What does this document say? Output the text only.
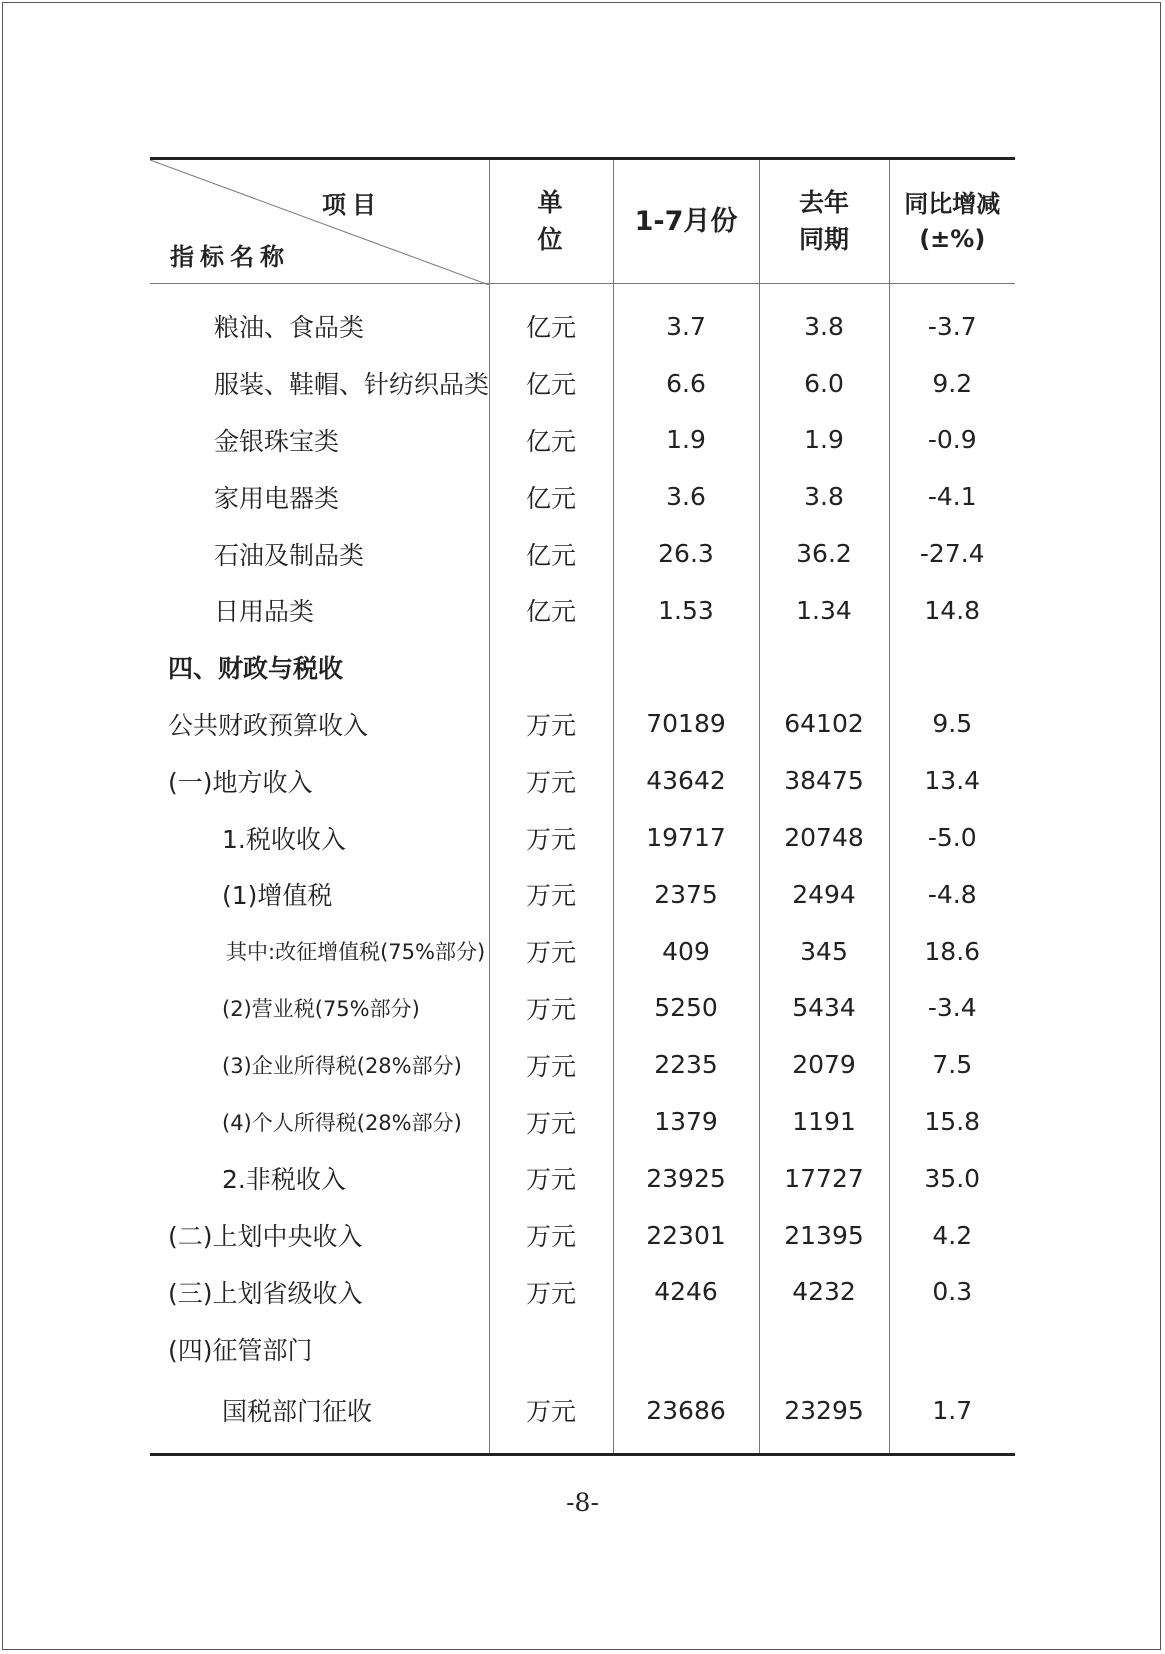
项目
指标名称	单位	1-7月份	去年同期	同比增减(±%)
粮油、食品类	亿元	3.7	3.8	-3.7
服装、鞋帽、针纺织品类	亿元	6.6	6.0	9.2
金银珠宝类	亿元	1.9	1.9	-0.9
家用电器类	亿元	3.6	3.8	-4.1
石油及制品类	亿元	26.3	36.2	-27.4
日用品类	亿元	1.53	1.34	14.8
四、财政与税收				
公共财政预算收入	万元	70189	64102	9.5
(一)地方收入	万元	43642	38475	13.4
1.税收收入	万元	19717	20748	-5.0
(1)增值税	万元	2375	2494	-4.8
其中:改征增值税(75%部分)	万元	409	345	18.6
(2)营业税(75%部分)	万元	5250	5434	-3.4
(3)企业所得税(28%部分)	万元	2235	2079	7.5
(4)个人所得税(28%部分)	万元	1379	1191	15.8
2.非税收入	万元	23925	17727	35.0
(二)上划中央收入	万元	22301	21395	4.2
(三)上划省级收入	万元	4246	4232	0.3
(四)征管部门				
国税部门征收	万元	23686	23295	1.7
-8-
